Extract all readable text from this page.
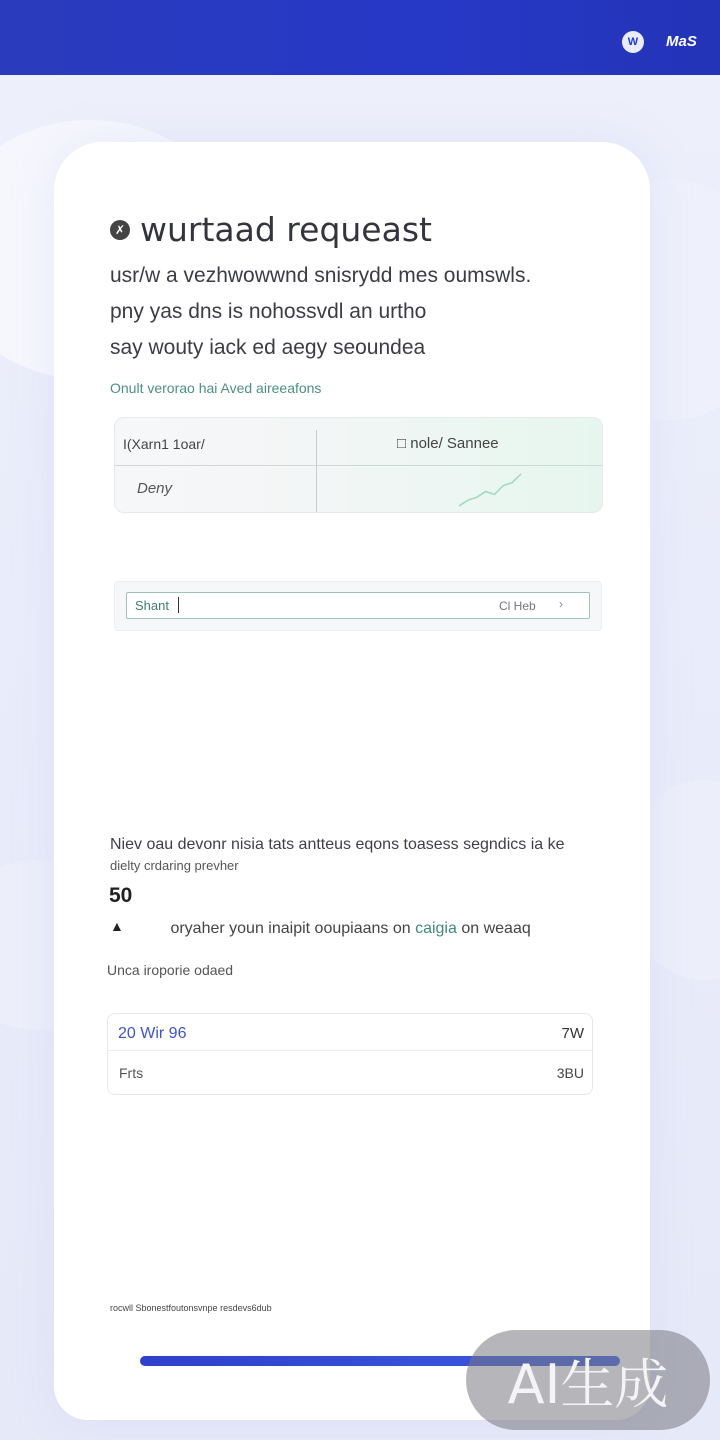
W	MaS
✗ wurtaad requeast
usr/w a vezhwowwnd snisrydd mes oumswls.
pny yas dns is nohossvdl an urtho
say wouty iack ed aegy seoundea
Onult verorao hai Aved aireeafons
I(Xarn1 1oar/	□ nole/ Sannee
Deny
Shant	Cl Heb ›
Niev oau devonr nisia tats antteus eqons toasess segndics ia ke
dielty crdaring prevher
50
▲	oryaher youn inaipit ooupiaans on caigia on weaaq
Unca iroporie odaed
20 Wir 96	7W
Frts	3BU
rocwll Sbonestfoutonsvnpe resdevs6dub
AI生成
